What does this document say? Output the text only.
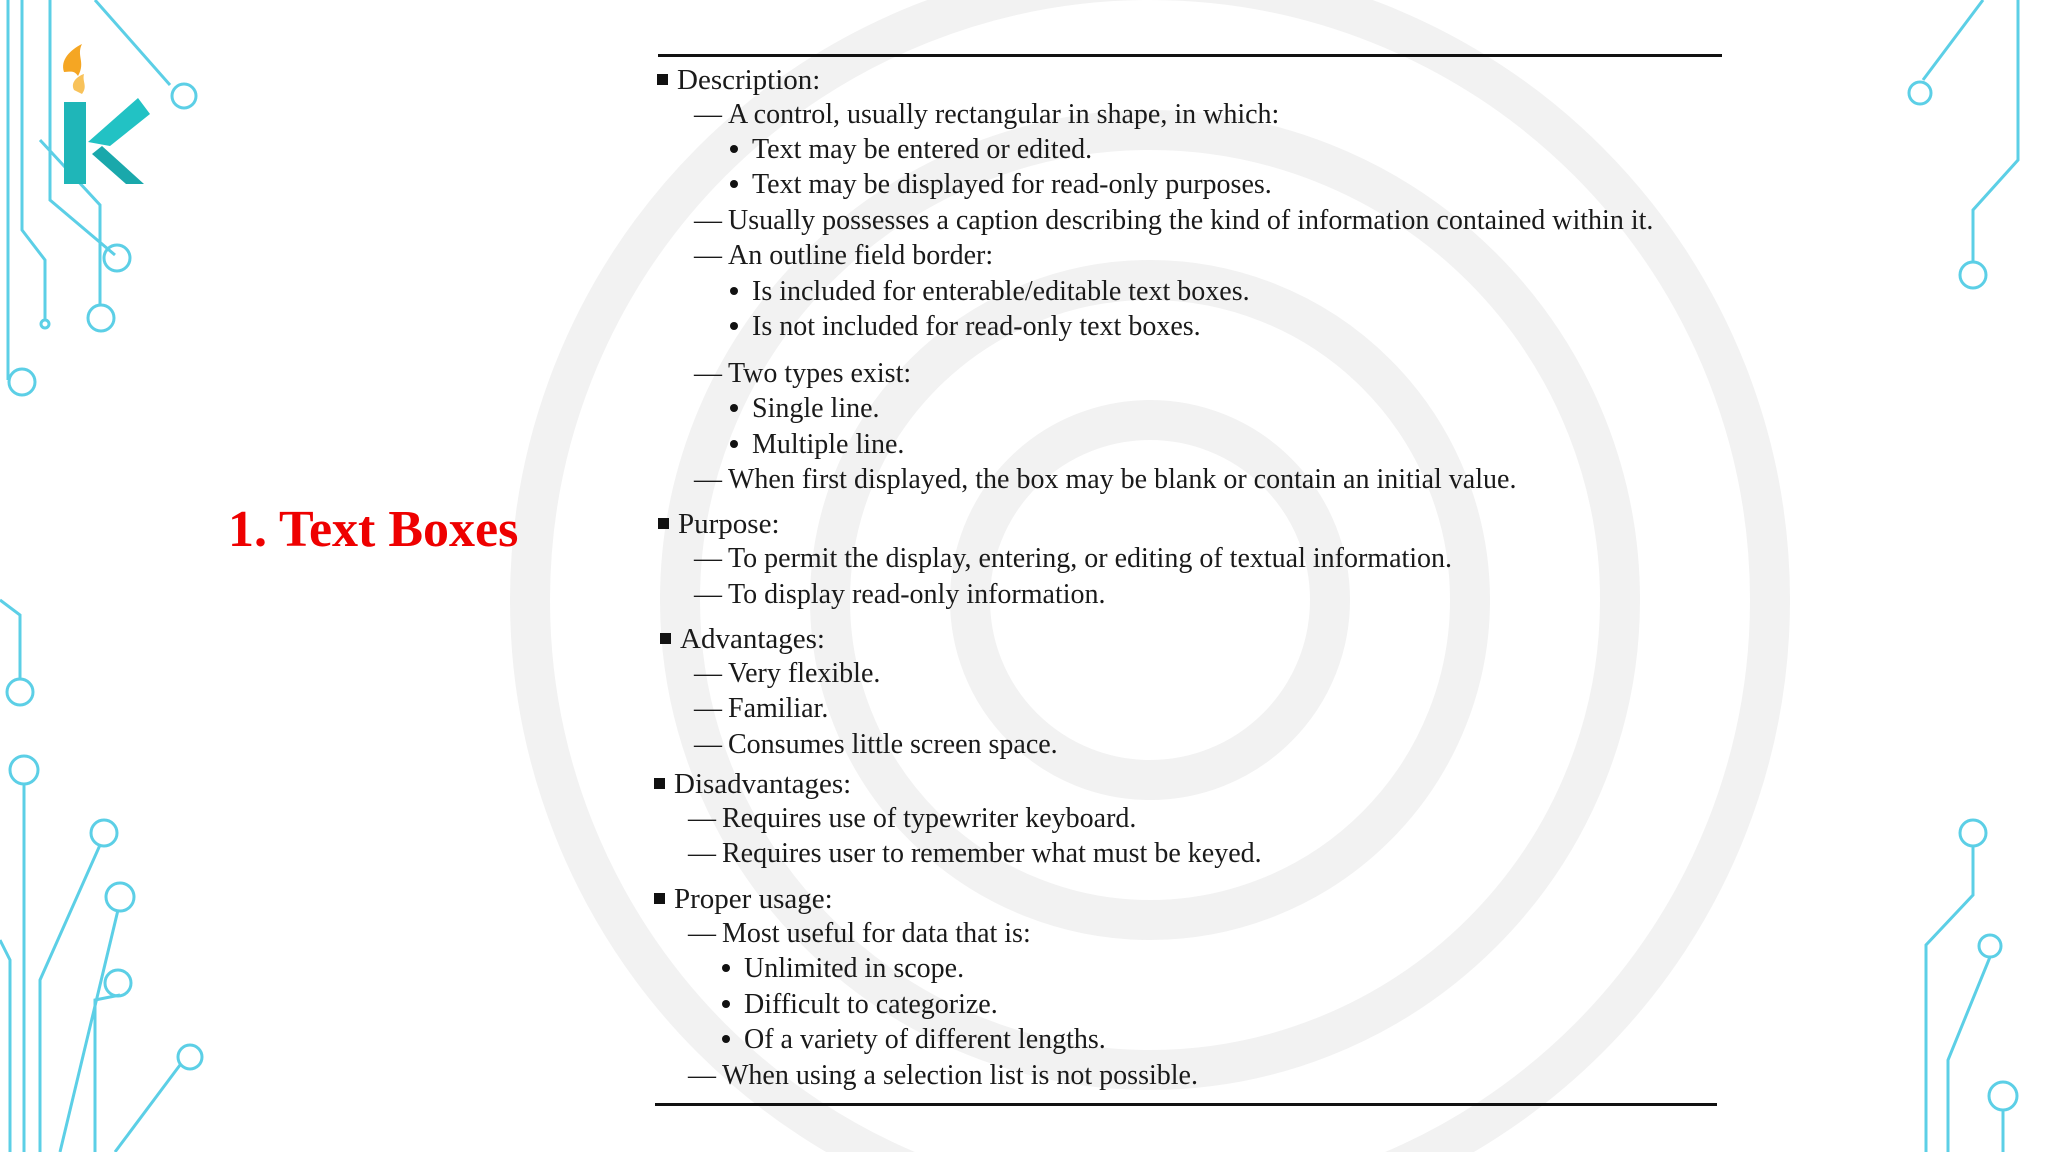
1. Text Boxes
Description:
— A control, usually rectangular in shape, in which:
Text may be entered or edited.
Text may be displayed for read-only purposes.
— Usually possesses a caption describing the kind of information contained within it.
— An outline field border:
Is included for enterable/editable text boxes.
Is not included for read-only text boxes.
— Two types exist:
Single line.
Multiple line.
— When first displayed, the box may be blank or contain an initial value.
Purpose:
— To permit the display, entering, or editing of textual information.
— To display read-only information.
Advantages:
— Very flexible.
— Familiar.
— Consumes little screen space.
Disadvantages:
— Requires use of typewriter keyboard.
— Requires user to remember what must be keyed.
Proper usage:
— Most useful for data that is:
Unlimited in scope.
Difficult to categorize.
Of a variety of different lengths.
— When using a selection list is not possible.
